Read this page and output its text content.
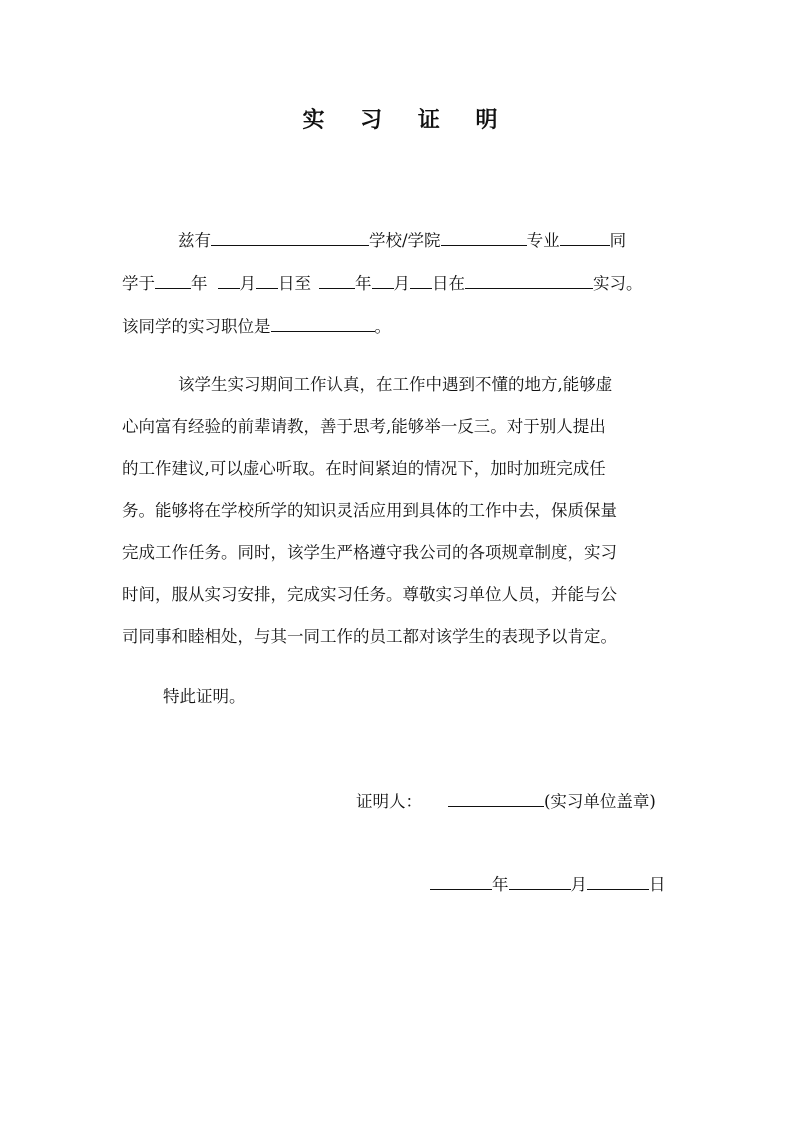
实 习 证 明
兹有	学校/学院	专业	同
学于 年 月 日至	年 月 日在	实习。
该同学的实习职位是	。
该学生实习期间工作认真，在工作中遇到不懂的地方,能够虚
心向富有经验的前辈请教，善于思考,能够举一反三。对于别人提出
的工作建议,可以虚心听取。在时间紧迫的情况下，加时加班完成任
务。能够将在学校所学的知识灵活应用到具体的工作中去，保质保量
完成工作任务。同时，该学生严格遵守我公司的各项规章制度，实习
时间，服从实习安排，完成实习任务。尊敬实习单位人员，并能与公
司同事和睦相处，与其一同工作的员工都对该学生的表现予以肯定。
特此证明。
证明人：	(实习单位盖章)
年	月	日
